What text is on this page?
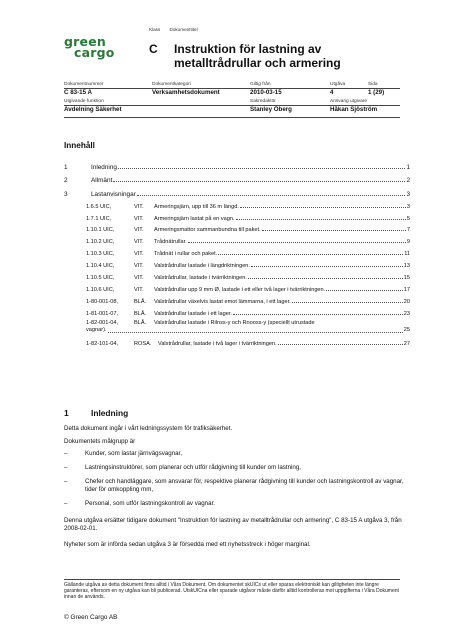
green
cargo
Klass Dokumenttitel
C Instruktion för lastning av metalltrådrullar och armering
Dokumentnummer	Dokumentkategori	Giltig från	Utgåva	Sida
C 83-15 A	Verksamhetsdokument	2010-03-15	4	1 (29)
Utgivande funktion	Sakredaktör	Ansvarig utgivare
Avdelning Säkerhet	Stanley Öberg	Håkan Sjöström
Innehåll
1	Inledning	1
2	Allmänt	2
3	Lastanvisningar	3
1.6.5 UIC,	VIT.	Armeringsjärn, upp till 36 m längd.	3
1.7.1 UIC,	VIT.	Armeringsjärn lastat på en vagn.	5
1.10.1 UIC,	VIT.	Armeringsmattor sammanbundna till paket.	7
1.10.2 UIC,	VIT.	Trådnätrullar.	9
1.10.3 UIC,	VIT.	Trådnät i rullar och paket.	11
1.10.4 UIC,	VIT.	Valstrådrullar lastade i längdriktningen.	13
1.10.5 UIC,	VIT.	Valstrådrullar, lastade i tvärriktningen.	15
1.10.6 UIC,	VIT.	Valstrådrullar upp 9 mm Ø, lastade i ett eller två lager i tvärriktningen.	17
1-80-001-08,	BLÅ.	Valstrådrullar växelvis lastat emot lämmarna, i ett lager.	20
1-81-001-07,	BLÅ.	Valstrådrullar lastade i ett lager.	23
1-82-001-04,	BLÅ.	Valstrådrullar lastade i Rilnss-y och Rnooss-y (speciellt utrustade
vagnar).	25
1-82-101-04,	ROSA.	Valstrådrullar, lastade i två lager i tvärriktningen.	27
1	Inledning
Detta dokument ingår i vårt ledningssystem för trafiksäkerhet.
Dokumentets målgrupp är
–	Kunder, som lastar järnvägsvagnar,
–	Lastningsinstruktörer, som planerar och utför rådgivning till kunder om lastning,
–	Chefer och handläggare, som ansvarar för, respektive planerar rådgivning till kunder och lastningskontroll av vagnar, tider för omkoppling mm,
–	Personal, som utför lastningskontroll av vagnar.
Denna utgåva ersätter tidigare dokument "Instruktion för lastning av metalltrådrullar och armering", C 83-15 A utgåva 3, från 2008-02-01.
Nyheter som är införda sedan utgåva 3 är försedda med ett nyhetsstreck i höger marginal.
Gällande utgåva av detta dokument finns alltid i Våra Dokument. Om dokumentet skUICs ut eller sparas elektroniskt kan giltigheten inte längre garanteras, eftersom en ny utgåva kan bli publicerad. UtskUICna eller sparade utgåvor måste därför alltid kontrolleras mot uppgifterna i Våra Dokument innan de används.
© Green Cargo AB
